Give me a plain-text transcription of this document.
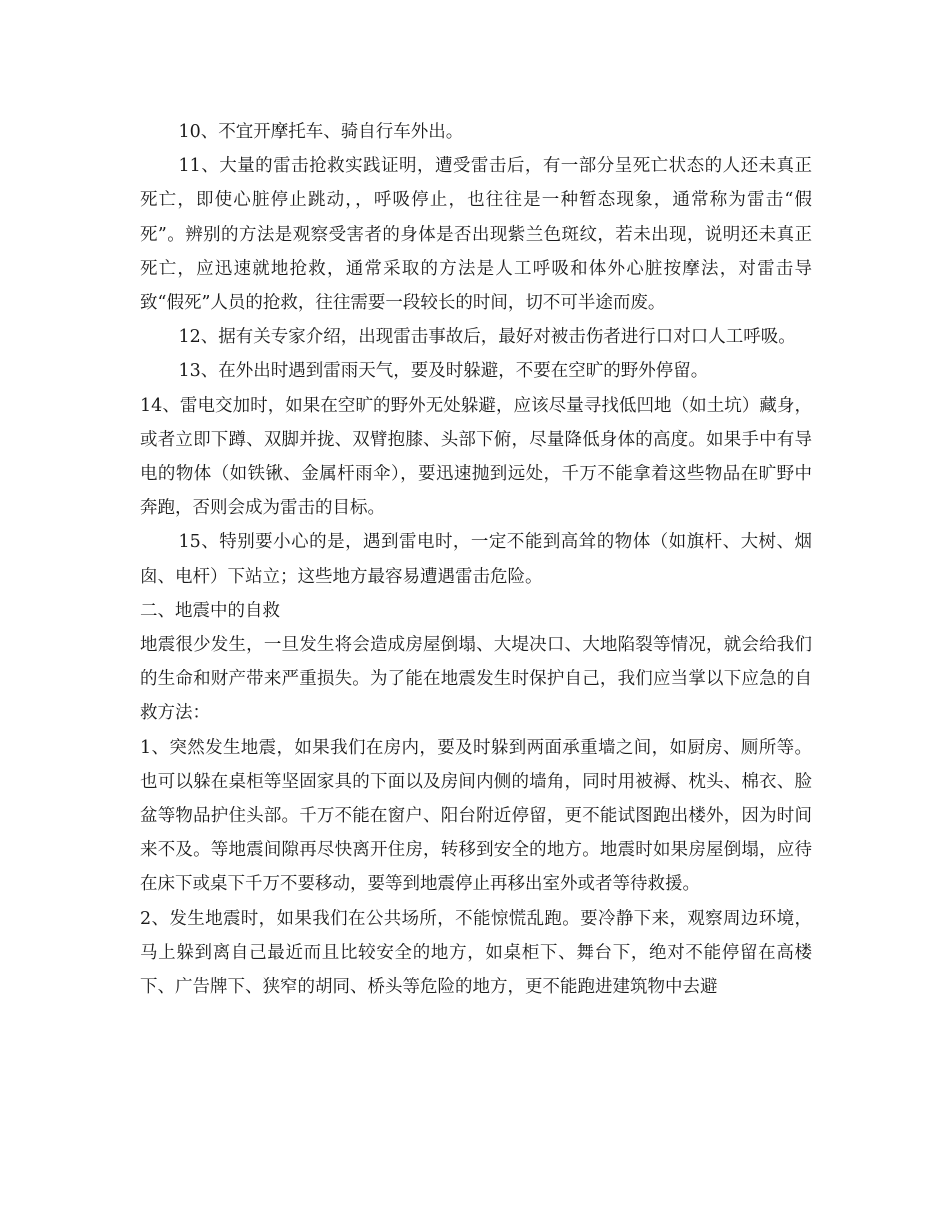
10、不宜开摩托车、骑自行车外出。

11、大量的雷击抢救实践证明，遭受雷击后，有一部分呈死亡状态的人还未真正死亡，即使心脏停止跳动，，呼吸停止，也往往是一种暂态现象，通常称为雷击“假死”。辨别的方法是观察受害者的身体是否出现紫兰色斑纹，若未出现，说明还未真正死亡，应迅速就地抢救，通常采取的方法是人工呼吸和体外心脏按摩法，对雷击导致“假死”人员的抢救，往往需要一段较长的时间，切不可半途而废。

12、据有关专家介绍，出现雷击事故后，最好对被击伤者进行口对口人工呼吸。

13、在外出时遇到雷雨天气，要及时躲避，不要在空旷的野外停留。

14、雷电交加时，如果在空旷的野外无处躲避，应该尽量寻找低凹地（如土坑）藏身，或者立即下蹲、双脚并拢、双臂抱膝、头部下俯，尽量降低身体的高度。如果手中有导电的物体（如铁锹、金属杆雨伞），要迅速抛到远处，千万不能拿着这些物品在旷野中奔跑，否则会成为雷击的目标。

15、特别要小心的是，遇到雷电时，一定不能到高耸的物体（如旗杆、大树、烟囱、电杆）下站立；这些地方最容易遭遇雷击危险。

二、地震中的自救

地震很少发生，一旦发生将会造成房屋倒塌、大堤决口、大地陷裂等情况，就会给我们的生命和财产带来严重损失。为了能在地震发生时保护自己，我们应当掌以下应急的自救方法：

1、突然发生地震，如果我们在房内，要及时躲到两面承重墙之间，如厨房、厕所等。也可以躲在桌柜等坚固家具的下面以及房间内侧的墙角，同时用被褥、枕头、棉衣、脸盆等物品护住头部。千万不能在窗户、阳台附近停留，更不能试图跑出楼外，因为时间来不及。等地震间隙再尽快离开住房，转移到安全的地方。地震时如果房屋倒塌，应待在床下或桌下千万不要移动，要等到地震停止再移出室外或者等待救援。

2、发生地震时，如果我们在公共场所，不能惊慌乱跑。要冷静下来，观察周边环境，马上躲到离自己最近而且比较安全的地方，如桌柜下、舞台下，绝对不能停留在高楼下、广告牌下、狭窄的胡同、桥头等危险的地方，更不能跑进建筑物中去避
